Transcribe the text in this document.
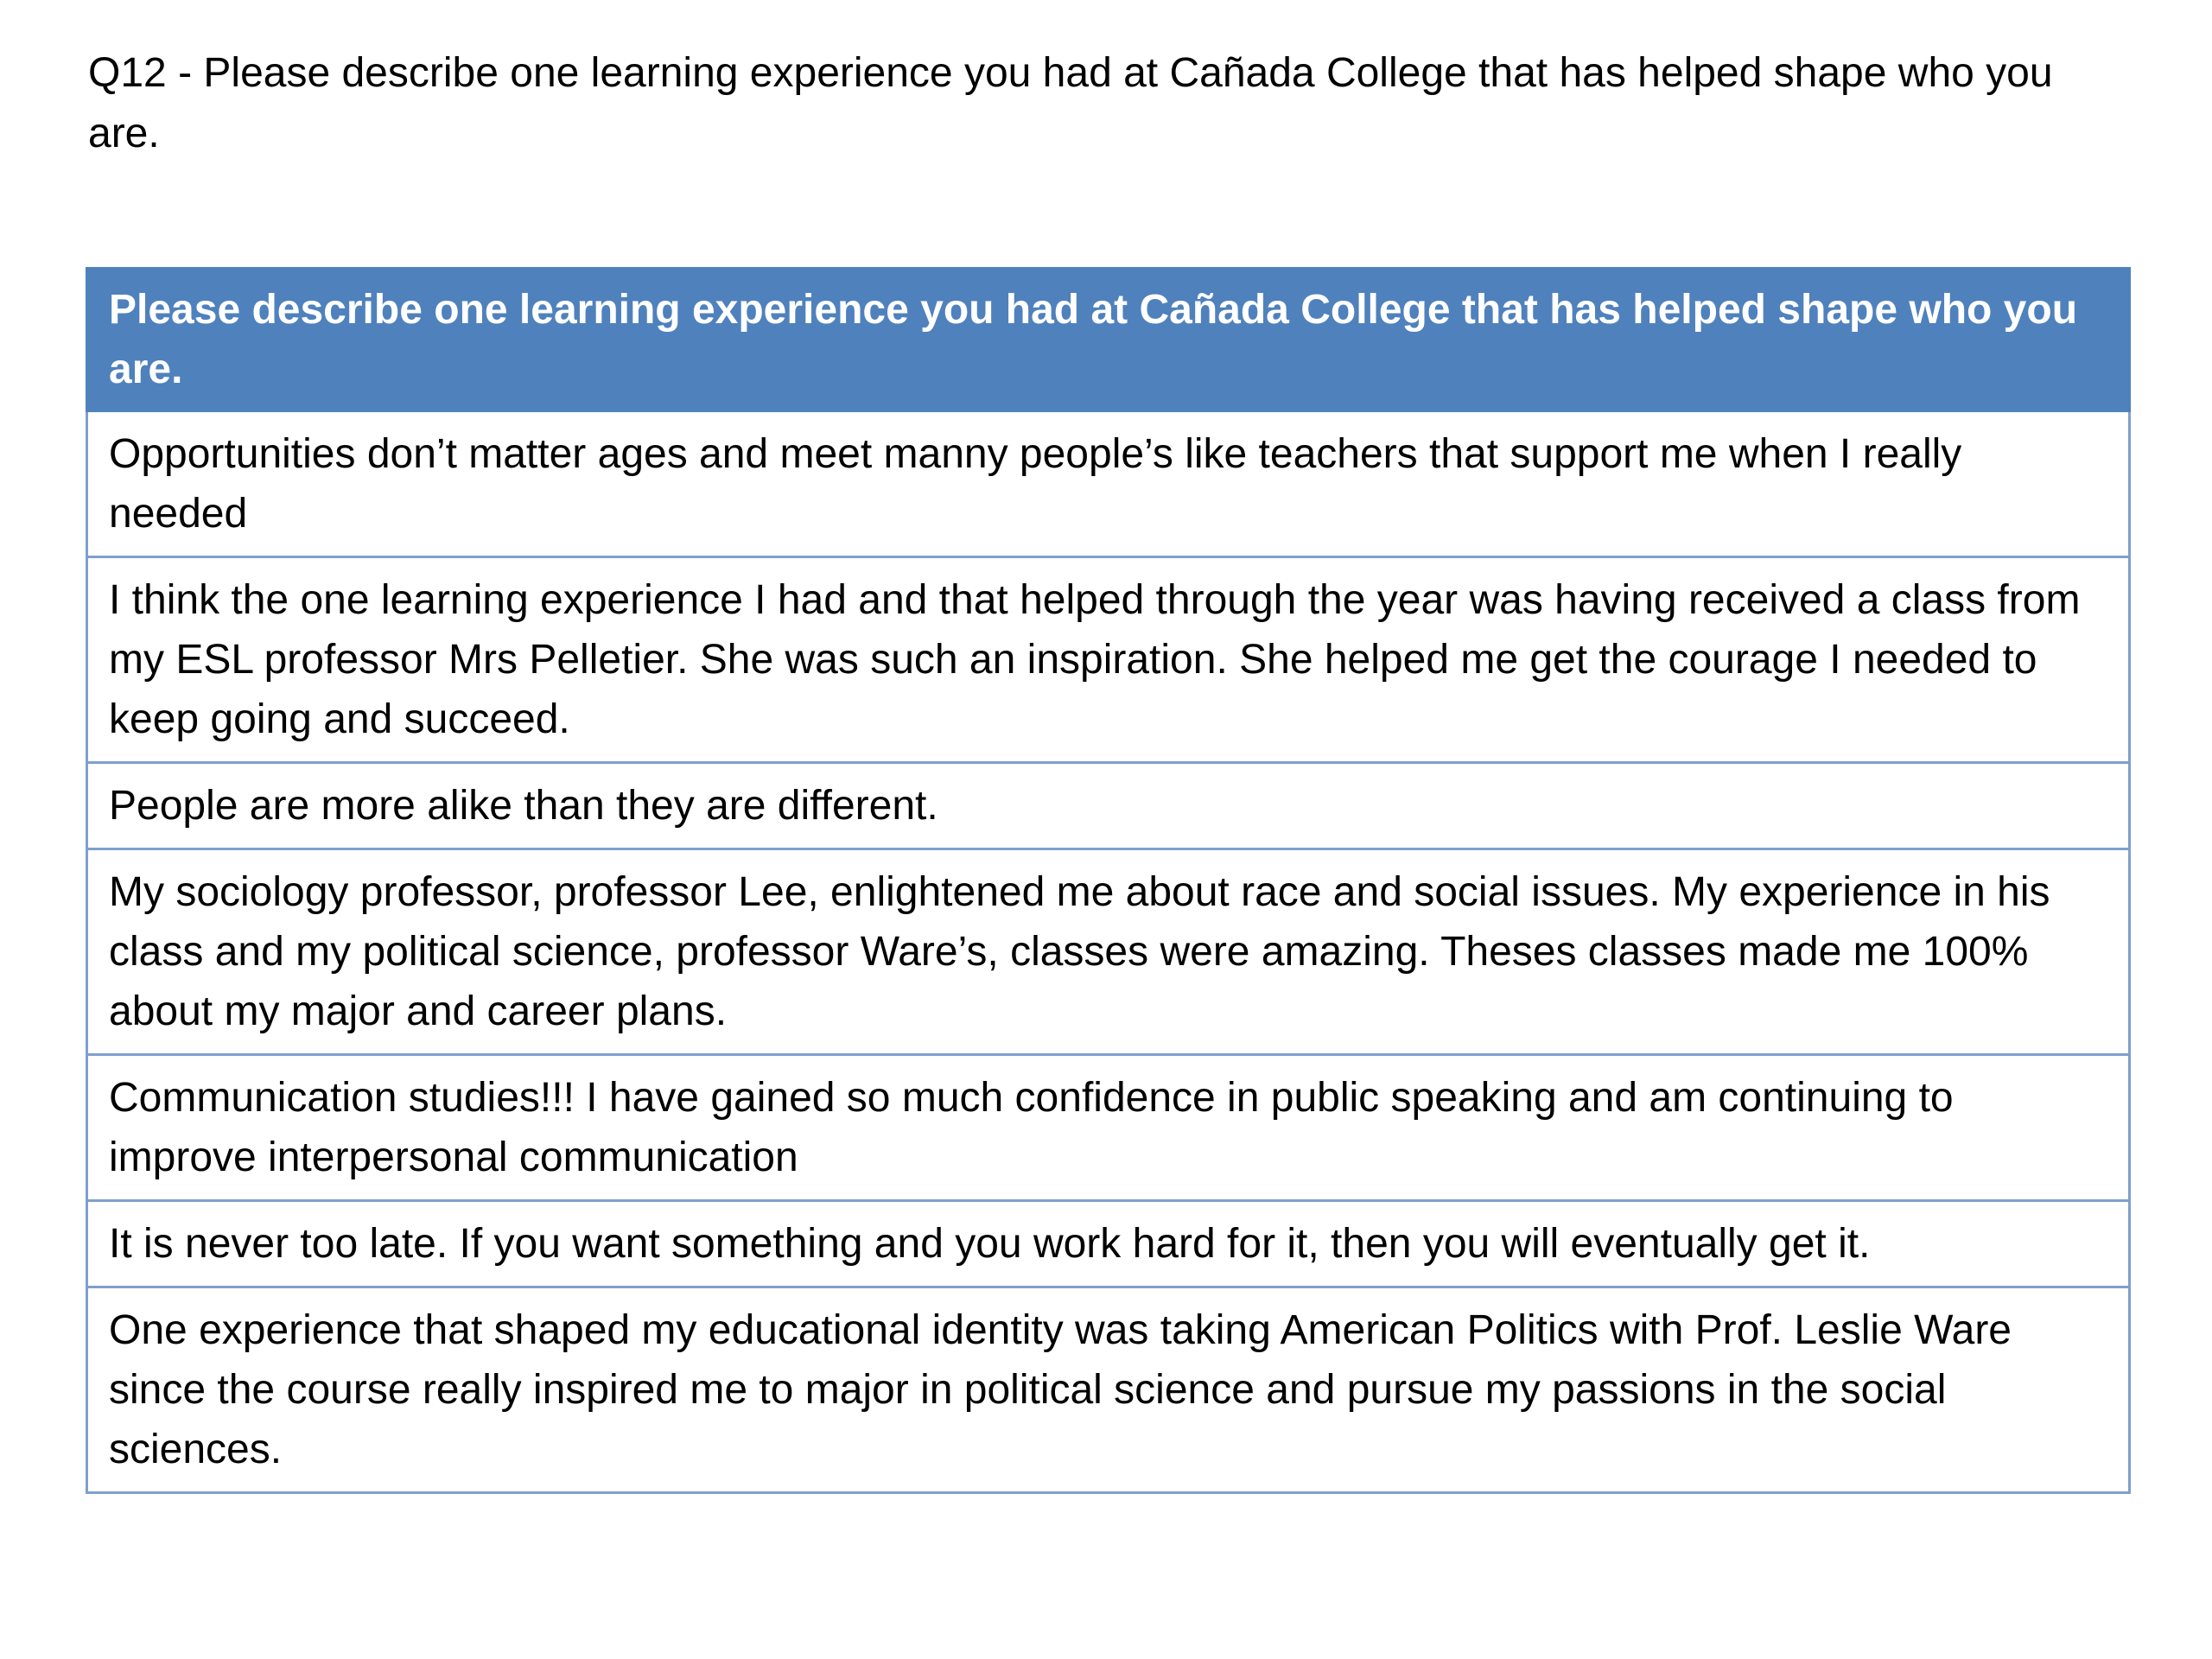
Q12 - Please describe one learning experience you had at Cañada College that has helped shape who you are.
Please describe one learning experience you had at Cañada College that has helped shape who you are.
Opportunities don’t matter ages and meet manny people’s like teachers that support me when I really needed
I think the one learning experience I had and that helped through the year was having received a class from my ESL professor Mrs Pelletier. She was such an inspiration. She helped me get the courage I needed to keep going and succeed.
People are more alike than they are different.
My sociology professor, professor Lee, enlightened me about race and social issues. My experience in his class and my political science, professor Ware’s, classes were amazing. Theses classes made me 100% about my major and career plans.
Communication studies!!! I have gained so much confidence in public speaking and am continuing to improve interpersonal communication
It is never too late. If you want something and you work hard for it, then you will eventually get it.
One experience that shaped my educational identity was taking American Politics with Prof. Leslie Ware since the course really inspired me to major in political science and pursue my passions in the social sciences.
